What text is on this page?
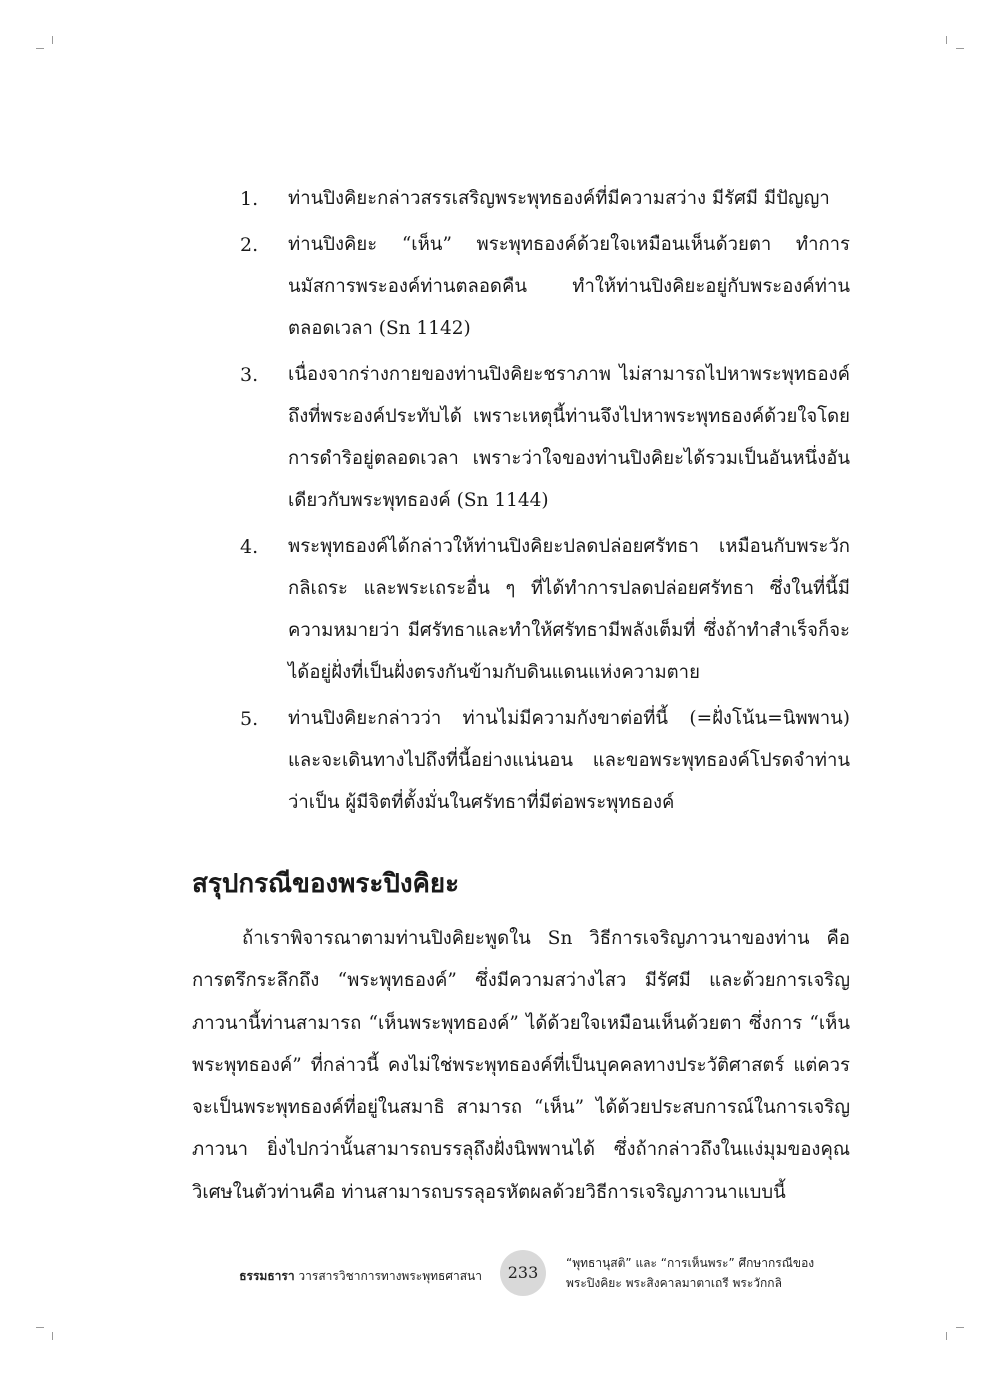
1.	ท่านปิงคิยะกล่าวสรรเสริญพระพุทธองค์ที่มีความสว่าง มีรัศมี มีปัญญา
2.	ท่านปิงคิยะ “เห็น” พระพุทธองค์ด้วยใจเหมือนเห็นด้วยตา ทำการนมัสการพระองค์ท่านตลอดคืน ทำให้ท่านปิงคิยะอยู่กับพระองค์ท่านตลอดเวลา (Sn 1142)
3.	เนื่องจากร่างกายของท่านปิงคิยะชราภาพ ไม่สามารถไปหาพระพุทธองค์ถึงที่พระองค์ประทับได้ เพราะเหตุนี้ท่านจึงไปหาพระพุทธองค์ด้วยใจโดยการดำริอยู่ตลอดเวลา เพราะว่าใจของท่านปิงคิยะได้รวมเป็นอันหนึ่งอันเดียวกับพระพุทธองค์ (Sn 1144)
4.	พระพุทธองค์ได้กล่าวให้ท่านปิงคิยะปลดปล่อยศรัทธา เหมือนกับพระวักกลิเถระ และพระเถระอื่น ๆ ที่ได้ทำการปลดปล่อยศรัทธา ซึ่งในที่นี้มีความหมายว่า มีศรัทธาและทำให้ศรัทธามีพลังเต็มที่ ซึ่งถ้าทำสำเร็จก็จะได้อยู่ฝั่งที่เป็นฝั่งตรงกันข้ามกับดินแดนแห่งความตาย
5.	ท่านปิงคิยะกล่าวว่า ท่านไม่มีความกังขาต่อที่นี้ (=ฝั่งโน้น=นิพพาน) และจะเดินทางไปถึงที่นี้อย่างแน่นอน และขอพระพุทธองค์โปรดจำท่านว่าเป็น ผู้มีจิตที่ตั้งมั่นในศรัทธาที่มีต่อพระพุทธองค์
สรุปกรณีของพระปิงคิยะ

ถ้าเราพิจารณาตามท่านปิงคิยะพูดใน Sn วิธีการเจริญภาวนาของท่าน คือ การตรึกระลึกถึง “พระพุทธองค์” ซึ่งมีความสว่างไสว มีรัศมี และด้วยการเจริญภาวนานี้ท่านสามารถ “เห็นพระพุทธองค์” ได้ด้วยใจเหมือนเห็นด้วยตา ซึ่งการ “เห็นพระพุทธองค์” ที่กล่าวนี้ คงไม่ใช่พระพุทธองค์ที่เป็นบุคคลทางประวัติศาสตร์ แต่ควรจะเป็นพระพุทธองค์ที่อยู่ในสมาธิ สามารถ “เห็น” ได้ด้วยประสบการณ์ในการเจริญภาวนา ยิ่งไปกว่านั้นสามารถบรรลุถึงฝั่งนิพพานได้ ซึ่งถ้ากล่าวถึงในแง่มุมของคุณวิเศษในตัวท่านคือ ท่านสามารถบรรลุอรหัตผลด้วยวิธีการเจริญภาวนาแบบนี้

ธรรมธารา วารสารวิชาการทางพระพุทธศาสนา	233	“พุทธานุสติ” และ “การเห็นพระ” ศึกษากรณีของ
พระปิงคิยะ พระสิงคาลมาตาเถรี พระวักกลิ
